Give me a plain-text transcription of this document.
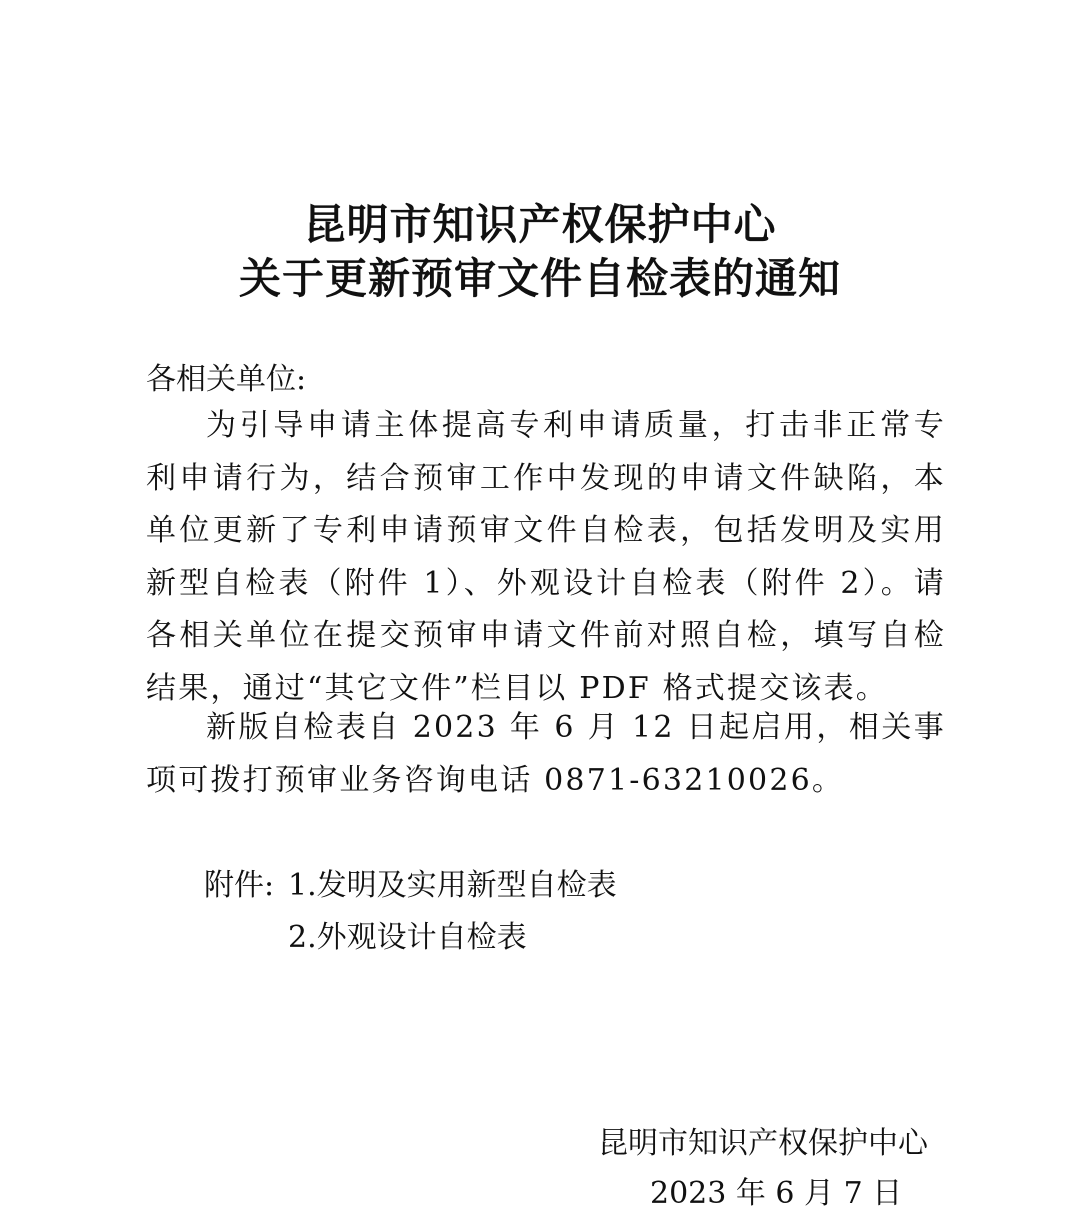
昆明市知识产权保护中心
关于更新预审文件自检表的通知
各相关单位:

为引导申请主体提高专利申请质量，打击非正常专利申请行为，结合预审工作中发现的申请文件缺陷，本单位更新了专利申请预审文件自检表，包括发明及实用新型自检表（附件 1）、外观设计自检表（附件 2）。请各相关单位在提交预审申请文件前对照自检，填写自检结果，通过“其它文件”栏目以 PDF 格式提交该表。

新版自检表自 2023 年 6 月 12 日起启用，相关事项可拨打预审业务咨询电话 0871-63210026。

附件: 1.发明及实用新型自检表
2.外观设计自检表
昆明市知识产权保护中心
2023 年 6 月 7 日
